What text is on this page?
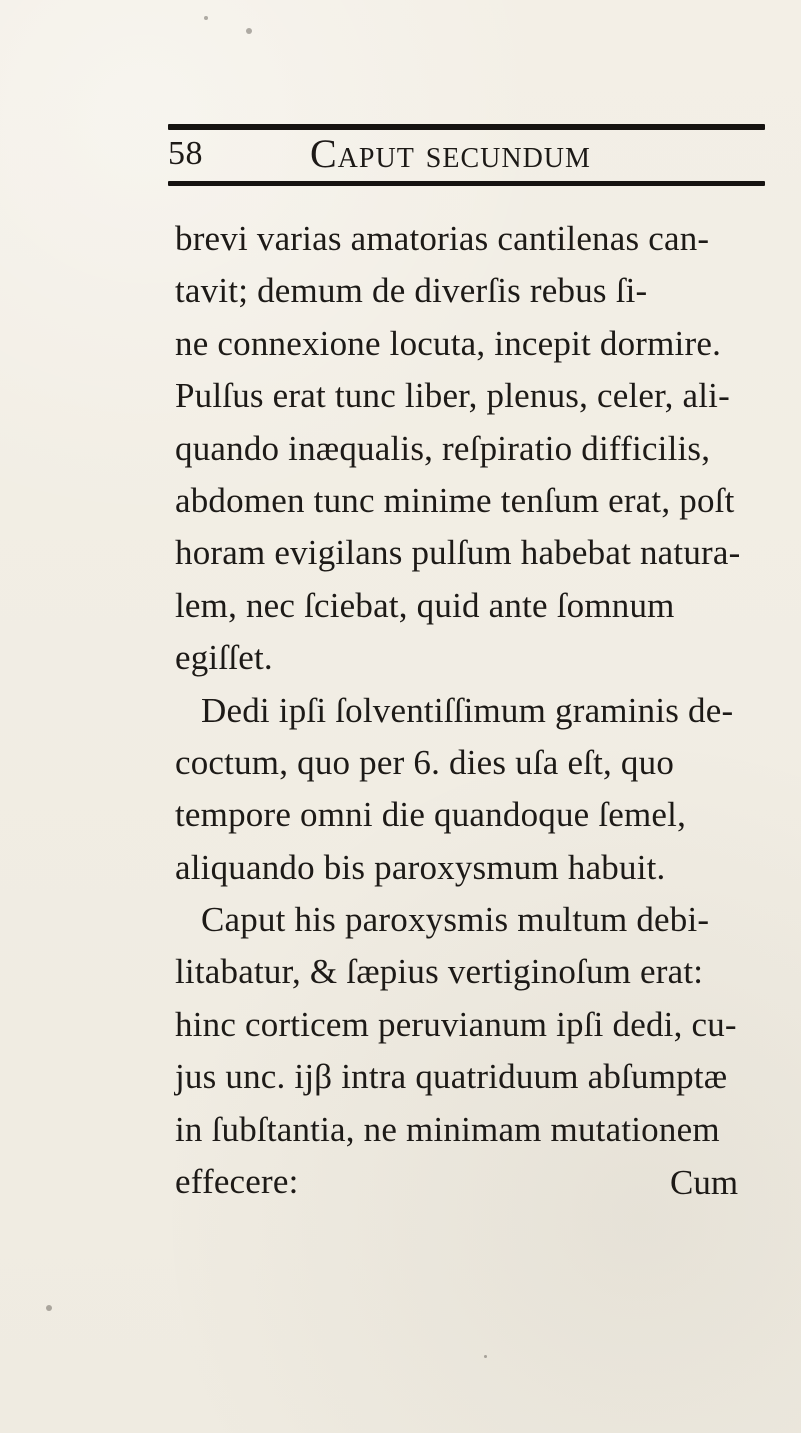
58	Caput secundum
brevi varias amatorias cantilenas can-
tavit; demum de diverſis rebus ſi-
ne connexione locuta, incepit dormire.
Pulſus erat tunc liber, plenus, celer, ali-
quando inæqualis, reſpiratio difficilis,
abdomen tunc minime tenſum erat, poſt
horam evigilans pulſum habebat natura-
lem, nec ſciebat, quid ante ſomnum
egiſſet.
Dedi ipſi ſolventiſſimum graminis de-
coctum, quo per 6. dies uſa eſt, quo
tempore omni die quandoque ſemel,
aliquando bis paroxysmum habuit.
Caput his paroxysmis multum debi-
litabatur, & ſæpius vertiginoſum erat:
hinc corticem peruvianum ipſi dedi, cu-
jus unc. ijβ intra quatriduum abſumptæ
in ſubſtantia, ne minimam mutationem
effecere:	Cum
